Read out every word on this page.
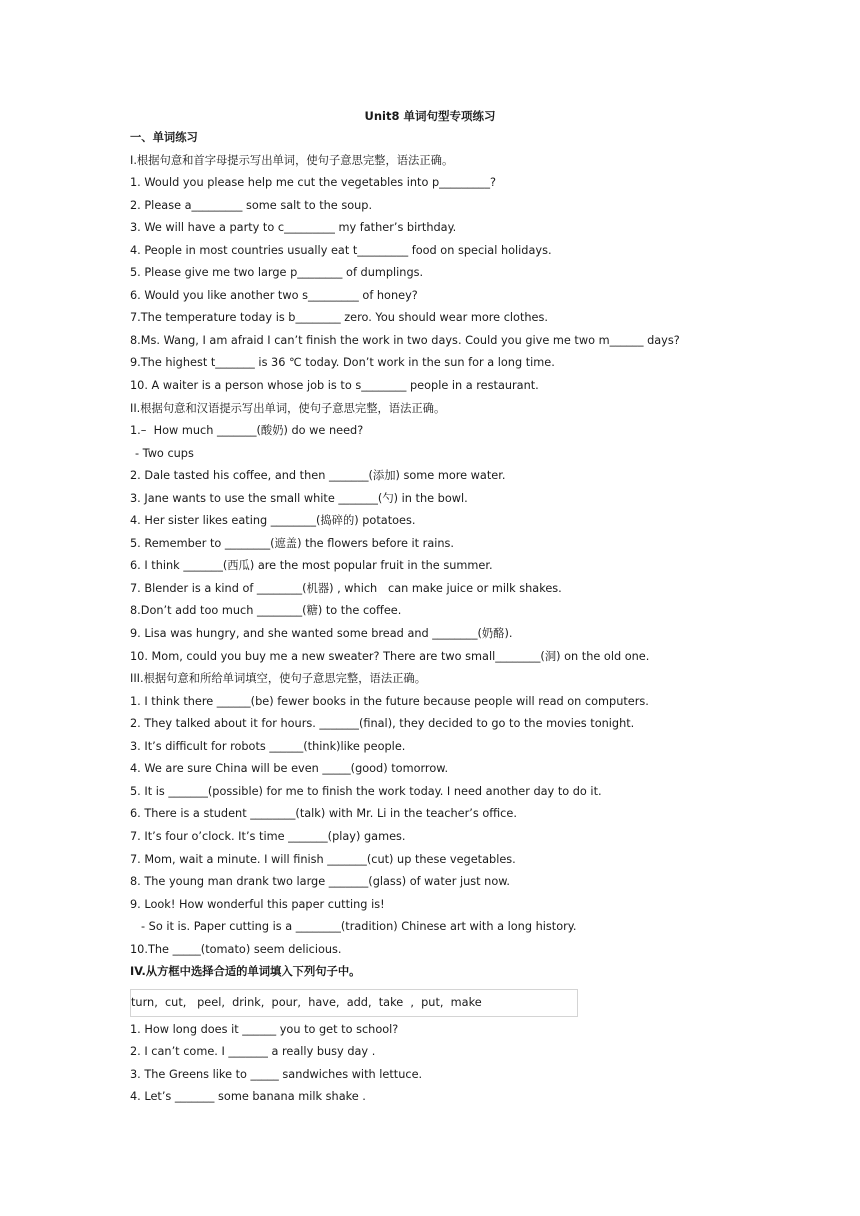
Unit8 单词句型专项练习
一、单词练习
I.根据句意和首字母提示写出单词，使句子意思完整，语法正确。
1. Would you please help me cut the vegetables into p_________?
2. Please a_________ some salt to the soup.
3. We will have a party to c_________ my father’s birthday.
4. People in most countries usually eat t_________ food on special holidays.
5. Please give me two large p________ of dumplings.
6. Would you like another two s_________ of honey?
7.The temperature today is b________ zero. You should wear more clothes.
8.Ms. Wang, I am afraid I can’t finish the work in two days. Could you give me two m______ days?
9.The highest t_______ is 36 ℃ today. Don’t work in the sun for a long time.
10. A waiter is a person whose job is to s________ people in a restaurant.
II.根据句意和汉语提示写出单词，使句子意思完整，语法正确。
1.–  How much _______(酸奶) do we need?
- Two cups
2. Dale tasted his coffee, and then _______(添加) some more water.
3. Jane wants to use the small white _______(勺) in the bowl.
4. Her sister likes eating ________(捣碎的) potatoes.
5. Remember to ________(遮盖) the flowers before it rains.
6. I think _______(西瓜) are the most popular fruit in the summer.
7. Blender is a kind of ________(机器) , which   can make juice or milk shakes.
8.Don’t add too much ________(糖) to the coffee.
9. Lisa was hungry, and she wanted some bread and ________(奶酪).
10. Mom, could you buy me a new sweater? There are two small________(洞) on the old one.
III.根据句意和所给单词填空，使句子意思完整，语法正确。
1. I think there ______(be) fewer books in the future because people will read on computers.
2. They talked about it for hours. _______(final), they decided to go to the movies tonight.
3. It’s difficult for robots ______(think)like people.
4. We are sure China will be even _____(good) tomorrow.
5. It is _______(possible) for me to finish the work today. I need another day to do it.
6. There is a student ________(talk) with Mr. Li in the teacher’s office.
7. It’s four o’clock. It’s time _______(play) games.
7. Mom, wait a minute. I will finish _______(cut) up these vegetables.
8. The young man drank two large _______(glass) of water just now.
9. Look! How wonderful this paper cutting is!
- So it is. Paper cutting is a ________(tradition) Chinese art with a long history.
10.The _____(tomato) seem delicious.
IV.从方框中选择合适的单词填入下列句子中。
turn,  cut,   peel,  drink,  pour,  have,  add,  take  ,  put,  make
1. How long does it ______ you to get to school?
2. I can’t come. I _______ a really busy day .
3. The Greens like to _____ sandwiches with lettuce.
4. Let’s _______ some banana milk shake .
